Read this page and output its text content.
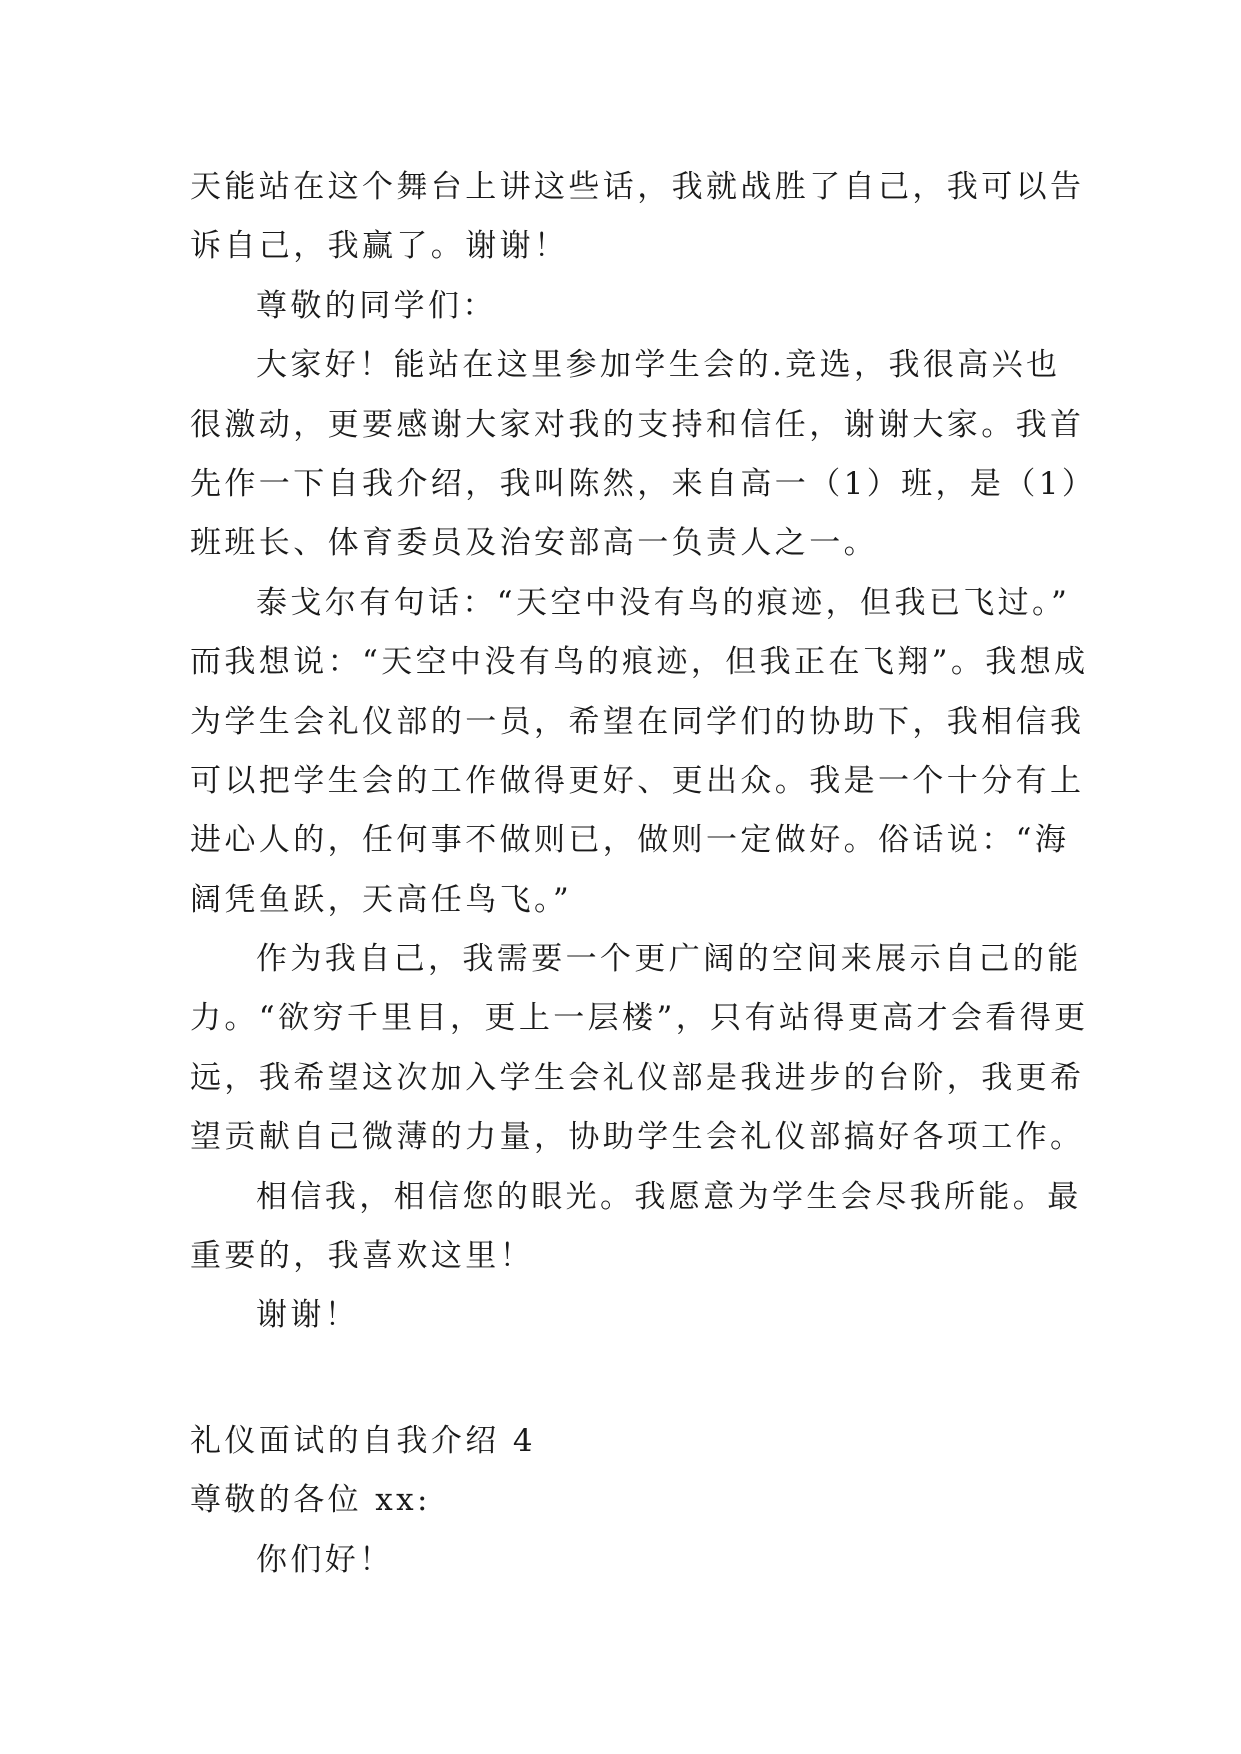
天能站在这个舞台上讲这些话，我就战胜了自己，我可以告
诉自己，我赢了。谢谢！
尊敬的同学们：
大家好！能站在这里参加学生会的.竞选，我很高兴也
很激动，更要感谢大家对我的支持和信任，谢谢大家。我首
先作一下自我介绍，我叫陈然，来自高一（1）班，是（1）
班班长、体育委员及治安部高一负责人之一。
泰戈尔有句话：“天空中没有鸟的痕迹，但我已飞过。”
而我想说：“天空中没有鸟的痕迹，但我正在飞翔”。我想成
为学生会礼仪部的一员，希望在同学们的协助下，我相信我
可以把学生会的工作做得更好、更出众。我是一个十分有上
进心人的，任何事不做则已，做则一定做好。俗话说：“海
阔凭鱼跃，天高任鸟飞。”
作为我自己，我需要一个更广阔的空间来展示自己的能
力。“欲穷千里目，更上一层楼”，只有站得更高才会看得更
远，我希望这次加入学生会礼仪部是我进步的台阶，我更希
望贡献自己微薄的力量，协助学生会礼仪部搞好各项工作。
相信我，相信您的眼光。我愿意为学生会尽我所能。最
重要的，我喜欢这里！
谢谢！
礼仪面试的自我介绍 4
尊敬的各位 xx:
你们好！
